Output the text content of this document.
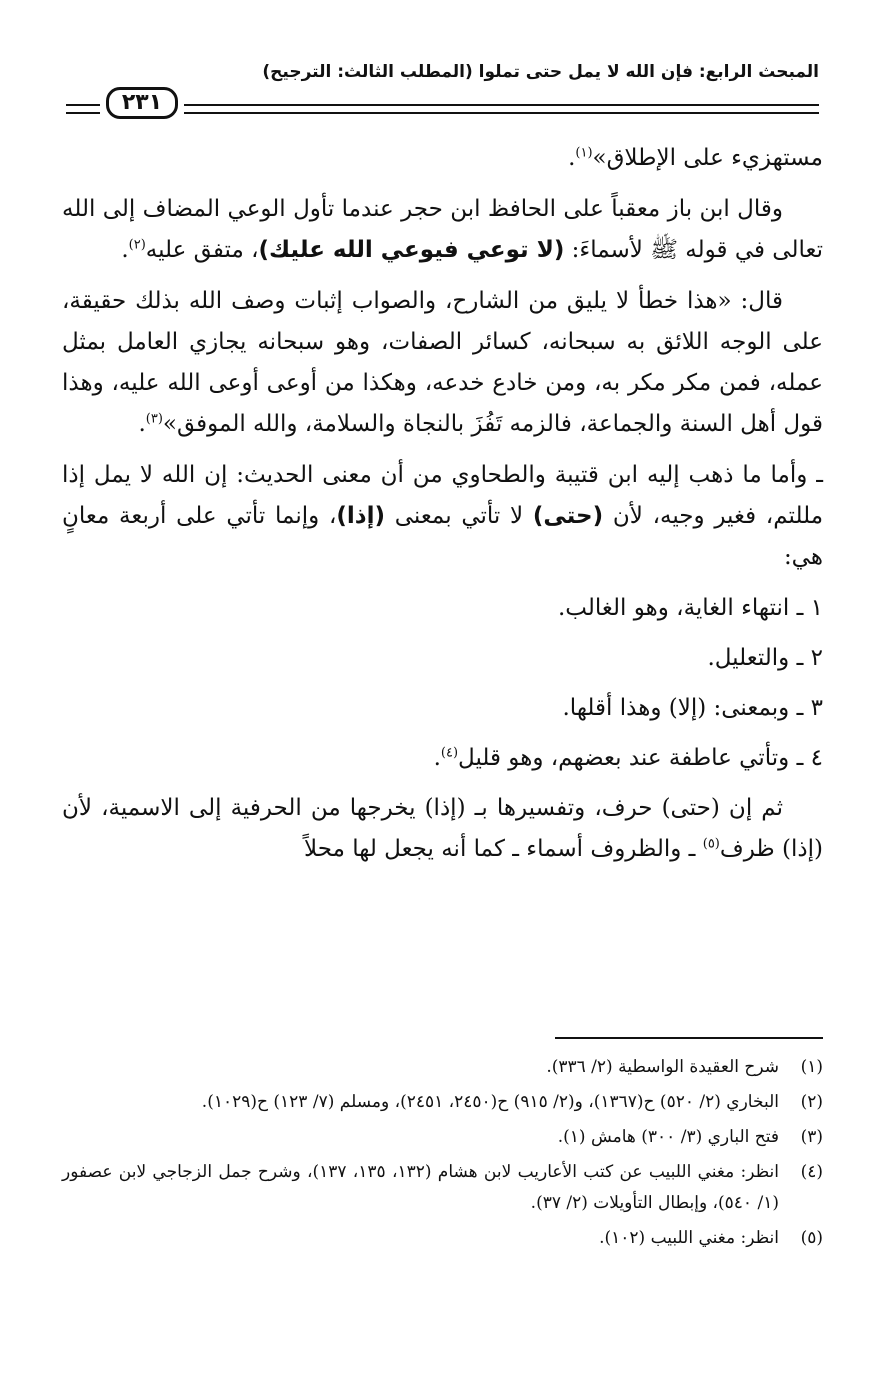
المبحث الرابع: فإن الله لا يمل حتى تملوا (المطلب الثالث: الترجيح)
٢٣١

مستهزيء على الإطلاق»$^{(١)}$.

وقال ابن باز معقباً على الحافظ ابن حجر عندما تأول الوعي المضاف إلى الله تعالى في قوله ﷺ لأسماءَ: (لا توعي فيوعي الله عليك)، متفق عليه$^{(٢)}$.

قال: «هذا خطأ لا يليق من الشارح، والصواب إثبات وصف الله بذلك حقيقة، على الوجه اللائق به سبحانه، كسائر الصفات، وهو سبحانه يجازي العامل بمثل عمله، فمن مكر مكر به، ومن خادع خدعه، وهكذا من أوعى أوعى الله عليه، وهذا قول أهل السنة والجماعة، فالزمه تَفُزَ بالنجاة والسلامة، والله الموفق»$^{(٣)}$.

ـ وأما ما ذهب إليه ابن قتيبة والطحاوي من أن معنى الحديث: إن الله لا يمل إذا مللتم، فغير وجيه، لأن (حتى) لا تأتي بمعنى (إذا)، وإنما تأتي على أربعة معانٍ هي:

١ ـ انتهاء الغاية، وهو الغالب.
٢ ـ والتعليل.
٣ ـ وبمعنى: (إلا) وهذا أقلها.
٤ ـ وتأتي عاطفة عند بعضهم، وهو قليل$^{(٤)}$.

ثم إن (حتى) حرف، وتفسيرها بـ (إذا) يخرجها من الحرفية إلى الاسمية، لأن (إذا) ظرف$^{(٥)}$ ـ والظروف أسماء ـ كما أنه يجعل لها محلاً

(١)
شرح العقيدة الواسطية (٢/ ٣٣٦).
(٢)
البخاري (٢/ ٥٢٠) ح(١٣٦٧)، و(٢/ ٩١٥) ح(٢٤٥٠، ٢٤٥١)، ومسلم (٧/ ١٢٣) ح(١٠٢٩).
(٣)
فتح الباري (٣/ ٣٠٠) هامش (١).
(٤)
انظر: مغني اللبيب عن كتب الأعاريب لابن هشام (١٣٢، ١٣٥، ١٣٧)، وشرح جمل الزجاجي لابن عصفور (١/ ٥٤٠)، وإبطال التأويلات (٢/ ٣٧).
(٥)
انظر: مغني اللبيب (١٠٢).
